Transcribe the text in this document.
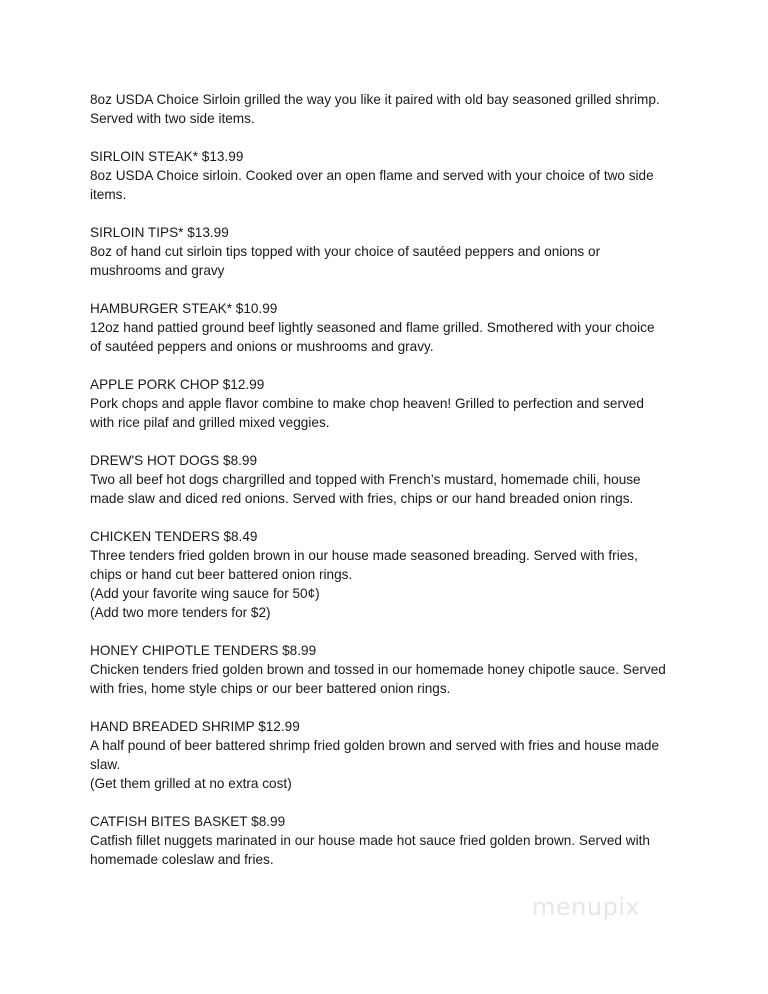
8oz USDA Choice Sirloin grilled the way you like it paired with old bay seasoned grilled shrimp.
Served with two side items.
SIRLOIN STEAK* $13.99
8oz USDA Choice sirloin. Cooked over an open flame and served with your choice of two side
items.
SIRLOIN TIPS* $13.99
8oz of hand cut sirloin tips topped with your choice of sautéed peppers and onions or
mushrooms and gravy
HAMBURGER STEAK* $10.99
12oz hand pattied ground beef lightly seasoned and flame grilled. Smothered with your choice
of sautéed peppers and onions or mushrooms and gravy.
APPLE PORK CHOP $12.99
Pork chops and apple flavor combine to make chop heaven! Grilled to perfection and served
with rice pilaf and grilled mixed veggies.
DREW'S HOT DOGS $8.99
Two all beef hot dogs chargrilled and topped with French’s mustard, homemade chili, house
made slaw and diced red onions. Served with fries, chips or our hand breaded onion rings.
CHICKEN TENDERS $8.49
Three tenders fried golden brown in our house made seasoned breading. Served with fries,
chips or hand cut beer battered onion rings.
(Add your favorite wing sauce for 50¢)
(Add two more tenders for $2)
HONEY CHIPOTLE TENDERS $8.99
Chicken tenders fried golden brown and tossed in our homemade honey chipotle sauce. Served
with fries, home style chips or our beer battered onion rings.
HAND BREADED SHRIMP $12.99
A half pound of beer battered shrimp fried golden brown and served with fries and house made
slaw.
(Get them grilled at no extra cost)
CATFISH BITES BASKET $8.99
Catfish fillet nuggets marinated in our house made hot sauce fried golden brown. Served with
homemade coleslaw and fries.
menupix
